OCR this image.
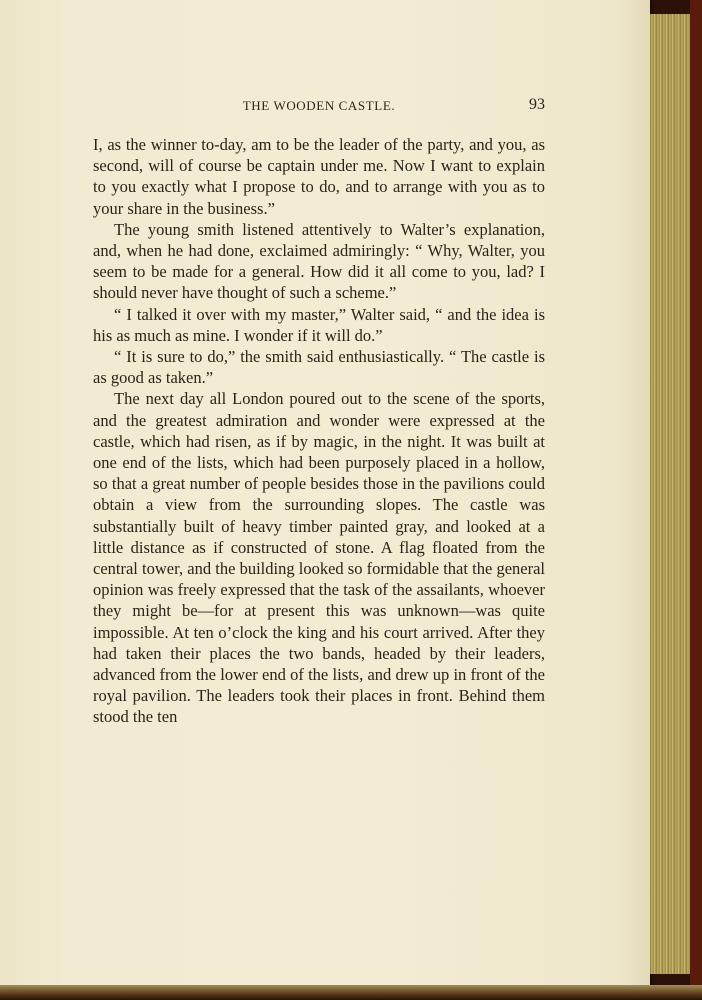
THE WOODEN CASTLE.	93

I, as the winner to-day, am to be the leader of the party, and you, as second, will of course be captain under me. Now I want to explain to you exactly what I propose to do, and to arrange with you as to your share in the business.”

The young smith listened attentively to Walter’s explanation, and, when he had done, exclaimed admiringly: “ Why, Walter, you seem to be made for a general. How did it all come to you, lad? I should never have thought of such a scheme.”

“ I talked it over with my master,” Walter said, “ and the idea is his as much as mine. I wonder if it will do.”

“ It is sure to do,” the smith said enthusiastically. “ The castle is as good as taken.”

The next day all London poured out to the scene of the sports, and the greatest admiration and wonder were expressed at the castle, which had risen, as if by magic, in the night. It was built at one end of the lists, which had been purposely placed in a hollow, so that a great number of people besides those in the pavilions could obtain a view from the surrounding slopes. The castle was substantially built of heavy timber painted gray, and looked at a little distance as if constructed of stone. A flag floated from the central tower, and the building looked so formidable that the general opinion was freely expressed that the task of the assailants, whoever they might be—for at present this was unknown—was quite impossible. At ten o’clock the king and his court arrived. After they had taken their places the two bands, headed by their leaders, advanced from the lower end of the lists, and drew up in front of the royal pavilion. The leaders took their places in front. Behind them stood the ten
